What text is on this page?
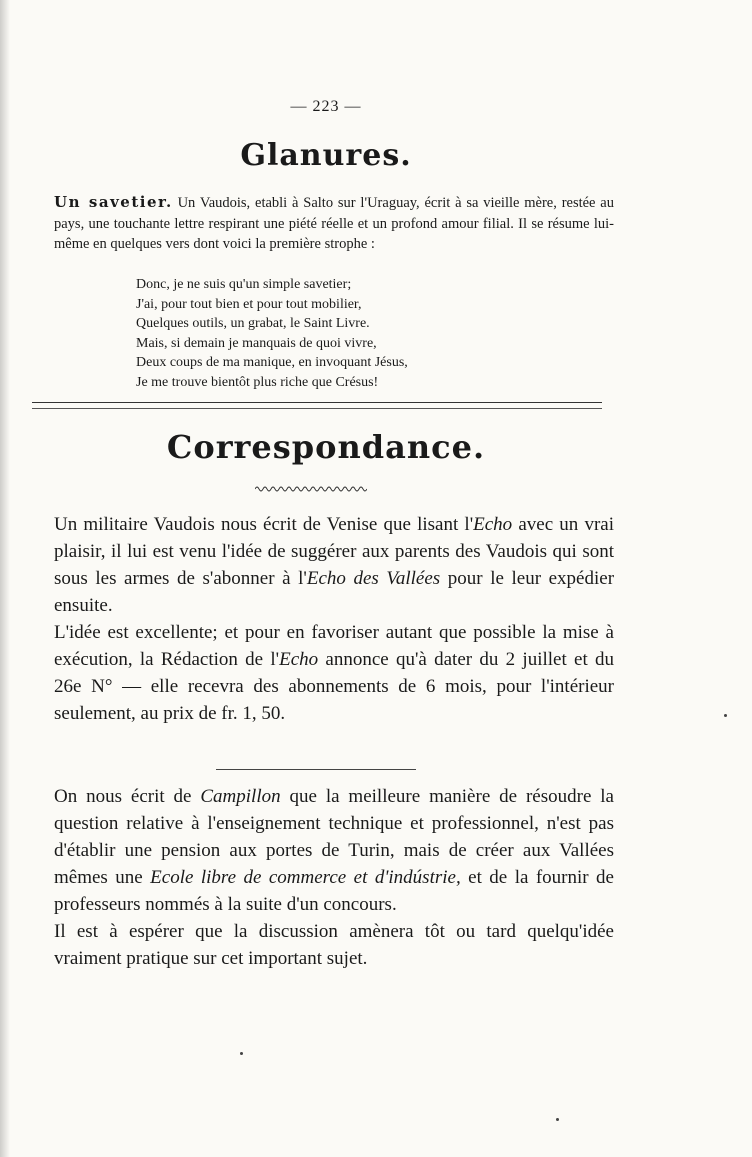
— 223 —
Glanures.

Un savetier. Un Vaudois, etabli à Salto sur l'Uraguay, écrit à sa vieille mère, restée au pays, une touchante lettre respirant une piété réelle et un profond amour filial. Il se résume lui-même en quelques vers dont voici la première strophe :

Donc, je ne suis qu'un simple savetier;
J'ai, pour tout bien et pour tout mobilier,
Quelques outils, un grabat, le Saint Livre.
Mais, si demain je manquais de quoi vivre,
Deux coups de ma manique, en invoquant Jésus,
Je me trouve bientôt plus riche que Crésus!
Correspondance.

Un militaire Vaudois nous écrit de Venise que lisant l'Echo avec un vrai plaisir, il lui est venu l'idée de suggérer aux parents des Vaudois qui sont sous les armes de s'abonner à l'Echo des Vallées pour le leur expédier ensuite.

L'idée est excellente; et pour en favoriser autant que possible la mise à exécution, la Rédaction de l'Echo annonce qu'à dater du 2 juillet et du 26e N° — elle recevra des abonnements de 6 mois, pour l'intérieur seulement, au prix de fr. 1, 50.

On nous écrit de Campillon que la meilleure manière de résoudre la question relative à l'enseignement technique et professionnel, n'est pas d'établir une pension aux portes de Turin, mais de créer aux Vallées mêmes une Ecole libre de commerce et d'indústrie, et de la fournir de professeurs nommés à la suite d'un concours.

Il est à espérer que la discussion amènera tôt ou tard quelqu'idée vraiment pratique sur cet important sujet.
